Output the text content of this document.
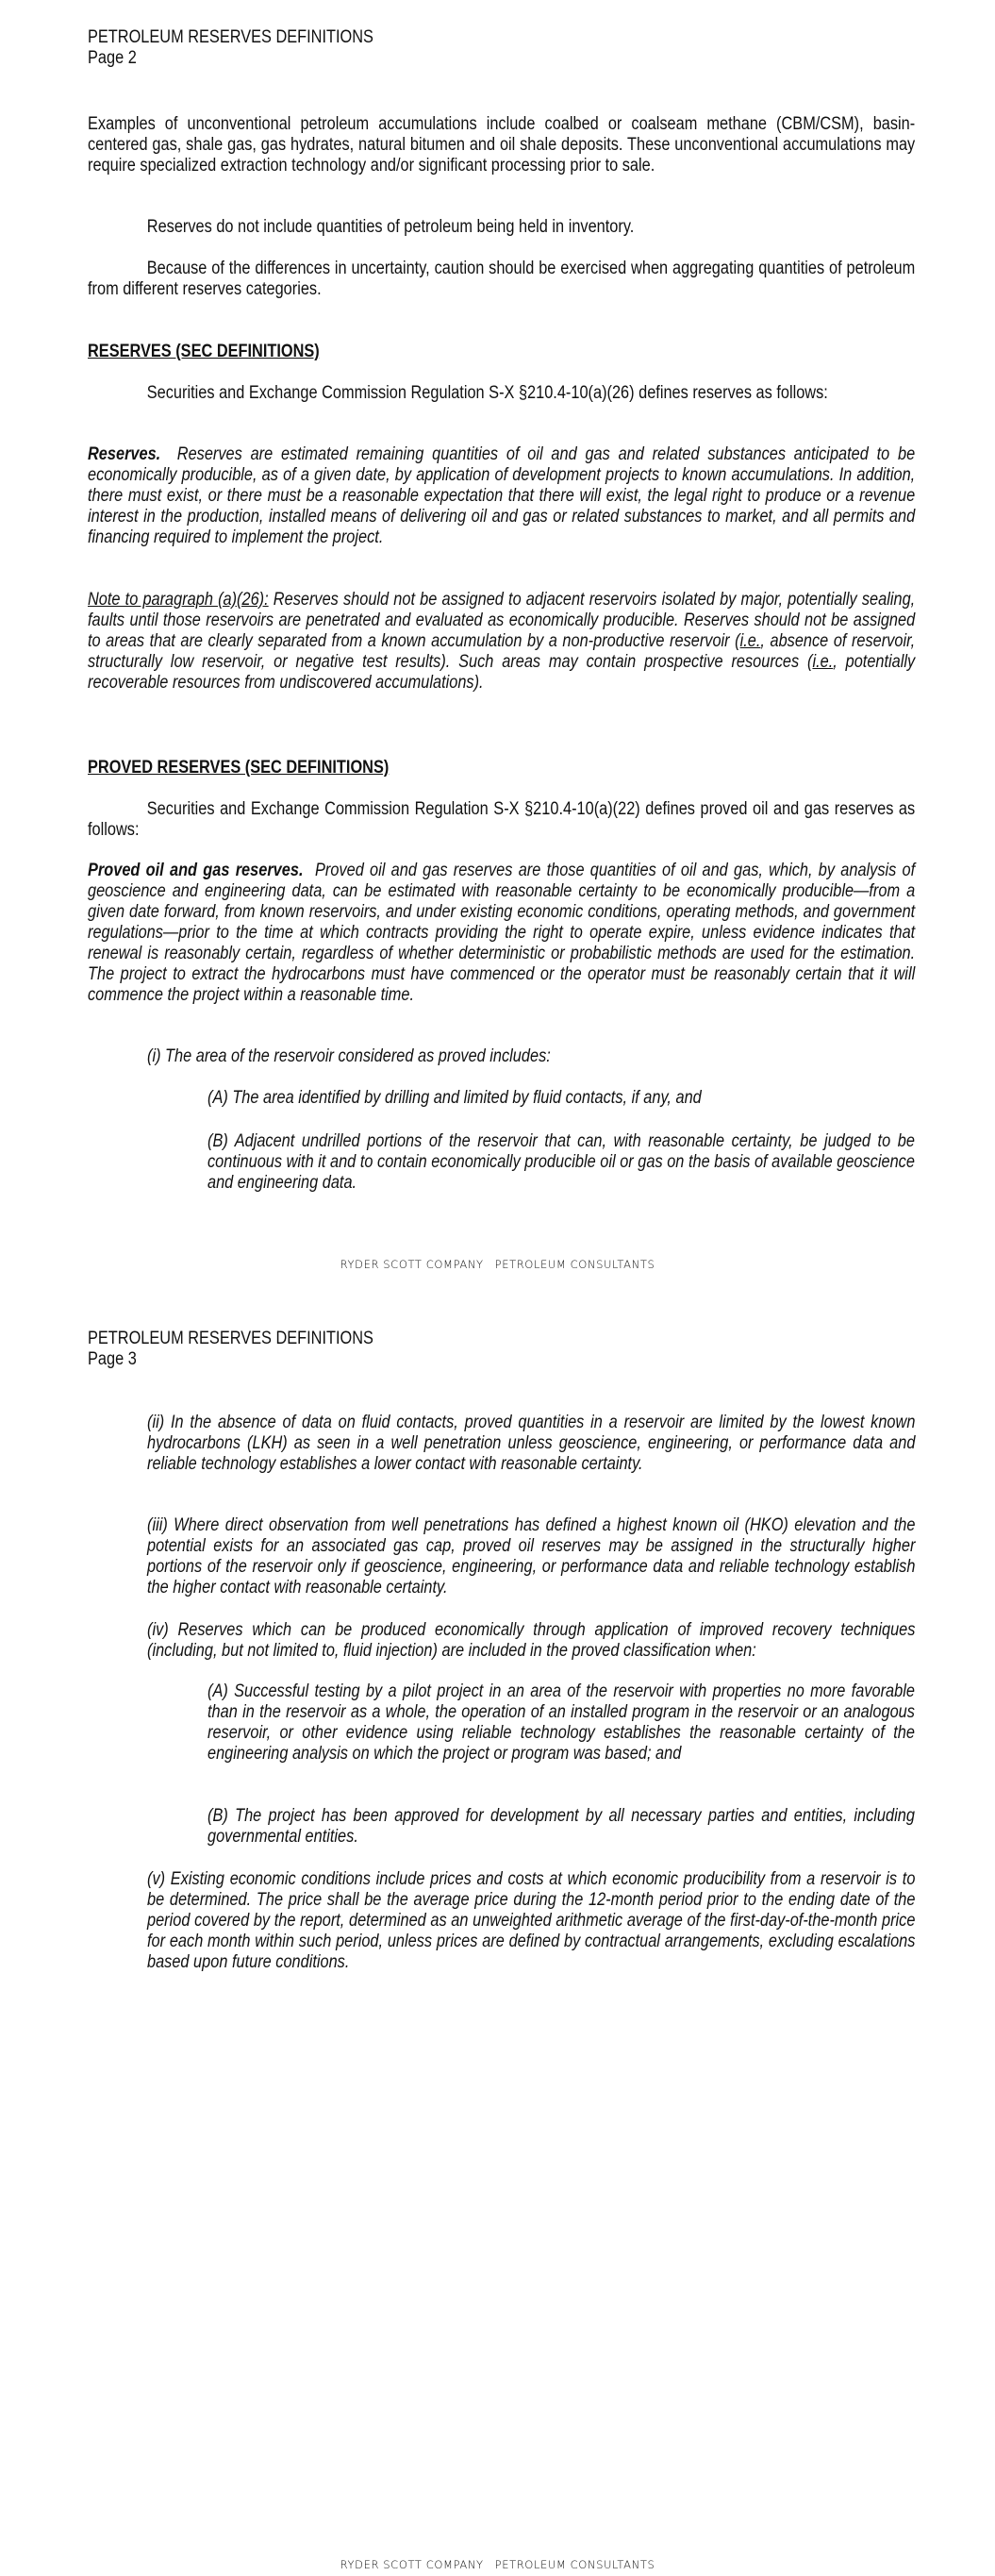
PETROLEUM RESERVES DEFINITIONS
Page 2
Examples of unconventional petroleum accumulations include coalbed or coalseam methane (CBM/CSM), basin-centered gas, shale gas, gas hydrates, natural bitumen and oil shale deposits. These unconventional accumulations may require specialized extraction technology and/or significant processing prior to sale.
Reserves do not include quantities of petroleum being held in inventory.
Because of the differences in uncertainty, caution should be exercised when aggregating quantities of petroleum from different reserves categories.
RESERVES (SEC DEFINITIONS)
Securities and Exchange Commission Regulation S-X §210.4-10(a)(26) defines reserves as follows:
Reserves. Reserves are estimated remaining quantities of oil and gas and related substances anticipated to be economically producible, as of a given date, by application of development projects to known accumulations. In addition, there must exist, or there must be a reasonable expectation that there will exist, the legal right to produce or a revenue interest in the production, installed means of delivering oil and gas or related substances to market, and all permits and financing required to implement the project.
Note to paragraph (a)(26): Reserves should not be assigned to adjacent reservoirs isolated by major, potentially sealing, faults until those reservoirs are penetrated and evaluated as economically producible. Reserves should not be assigned to areas that are clearly separated from a known accumulation by a non-productive reservoir (i.e., absence of reservoir, structurally low reservoir, or negative test results). Such areas may contain prospective resources (i.e., potentially recoverable resources from undiscovered accumulations).
PROVED RESERVES (SEC DEFINITIONS)
Securities and Exchange Commission Regulation S-X §210.4-10(a)(22) defines proved oil and gas reserves as follows:
Proved oil and gas reserves. Proved oil and gas reserves are those quantities of oil and gas, which, by analysis of geoscience and engineering data, can be estimated with reasonable certainty to be economically producible—from a given date forward, from known reservoirs, and under existing economic conditions, operating methods, and government regulations—prior to the time at which contracts providing the right to operate expire, unless evidence indicates that renewal is reasonably certain, regardless of whether deterministic or probabilistic methods are used for the estimation. The project to extract the hydrocarbons must have commenced or the operator must be reasonably certain that it will commence the project within a reasonable time.
(i) The area of the reservoir considered as proved includes:
(A) The area identified by drilling and limited by fluid contacts, if any, and
(B) Adjacent undrilled portions of the reservoir that can, with reasonable certainty, be judged to be continuous with it and to contain economically producible oil or gas on the basis of available geoscience and engineering data.
RYDER SCOTT COMPANY PETROLEUM CONSULTANTS
PETROLEUM RESERVES DEFINITIONS
Page 3
(ii) In the absence of data on fluid contacts, proved quantities in a reservoir are limited by the lowest known hydrocarbons (LKH) as seen in a well penetration unless geoscience, engineering, or performance data and reliable technology establishes a lower contact with reasonable certainty.
(iii) Where direct observation from well penetrations has defined a highest known oil (HKO) elevation and the potential exists for an associated gas cap, proved oil reserves may be assigned in the structurally higher portions of the reservoir only if geoscience, engineering, or performance data and reliable technology establish the higher contact with reasonable certainty.
(iv) Reserves which can be produced economically through application of improved recovery techniques (including, but not limited to, fluid injection) are included in the proved classification when:
(A) Successful testing by a pilot project in an area of the reservoir with properties no more favorable than in the reservoir as a whole, the operation of an installed program in the reservoir or an analogous reservoir, or other evidence using reliable technology establishes the reasonable certainty of the engineering analysis on which the project or program was based; and
(B) The project has been approved for development by all necessary parties and entities, including governmental entities.
(v) Existing economic conditions include prices and costs at which economic producibility from a reservoir is to be determined. The price shall be the average price during the 12-month period prior to the ending date of the period covered by the report, determined as an unweighted arithmetic average of the first-day-of-the-month price for each month within such period, unless prices are defined by contractual arrangements, excluding escalations based upon future conditions.
RYDER SCOTT COMPANY PETROLEUM CONSULTANTS
